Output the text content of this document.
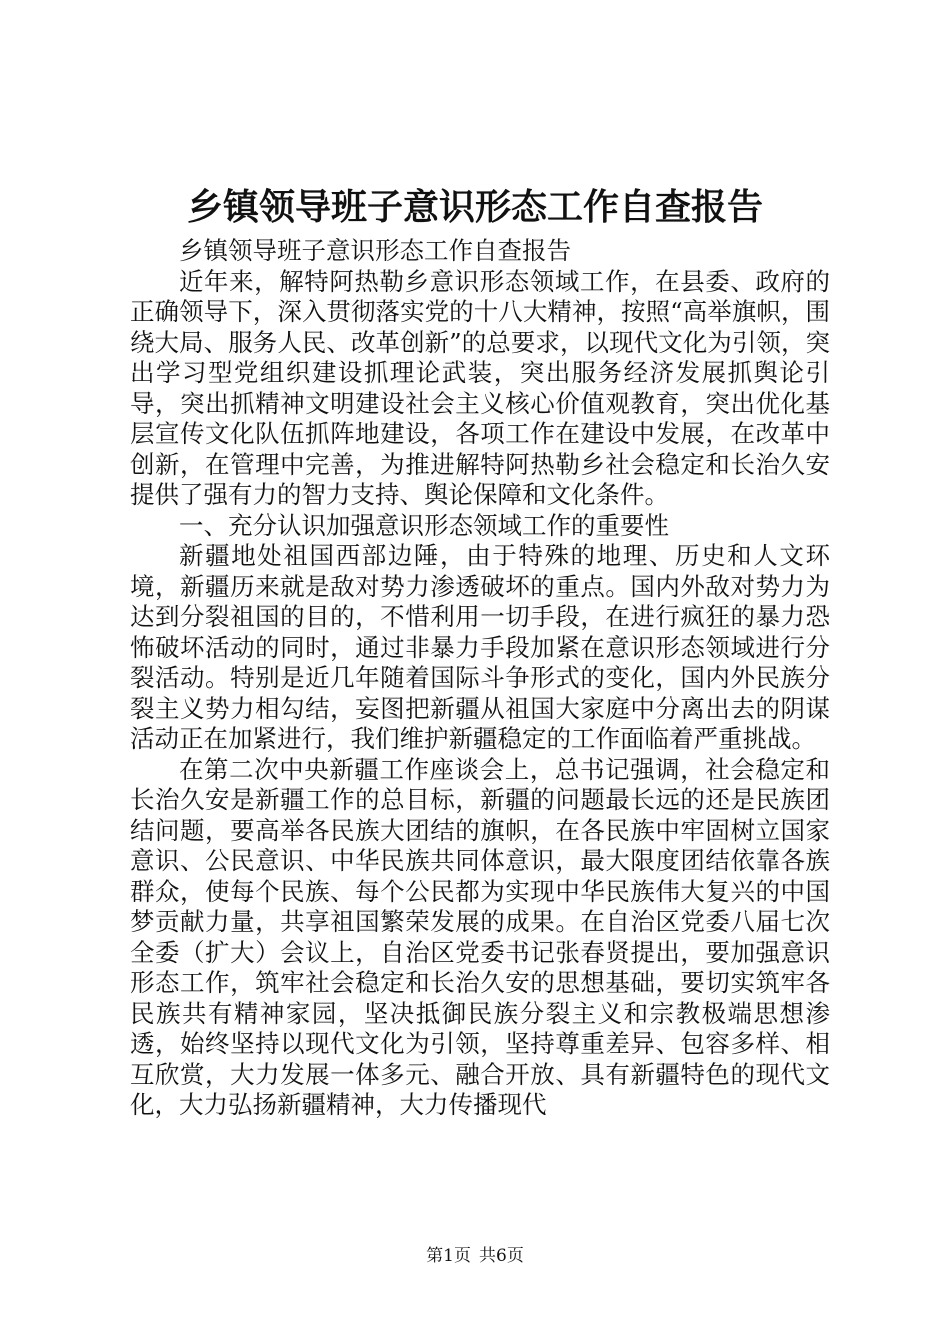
乡镇领导班子意识形态工作自查报告

乡镇领导班子意识形态工作自查报告

近年来，解特阿热勒乡意识形态领域工作，在县委、政府的正确领导下，深入贯彻落实党的十八大精神，按照“高举旗帜，围绕大局、服务人民、改革创新”的总要求，以现代文化为引领，突出学习型党组织建设抓理论武装，突出服务经济发展抓舆论引导，突出抓精神文明建设社会主义核心价值观教育，突出优化基层宣传文化队伍抓阵地建设，各项工作在建设中发展，在改革中创新，在管理中完善，为推进解特阿热勒乡社会稳定和长治久安提供了强有力的智力支持、舆论保障和文化条件。

一、充分认识加强意识形态领域工作的重要性

新疆地处祖国西部边陲，由于特殊的地理、历史和人文环境，新疆历来就是敌对势力渗透破坏的重点。国内外敌对势力为达到分裂祖国的目的，不惜利用一切手段，在进行疯狂的暴力恐怖破坏活动的同时，通过非暴力手段加紧在意识形态领域进行分裂活动。特别是近几年随着国际斗争形式的变化，国内外民族分裂主义势力相勾结，妄图把新疆从祖国大家庭中分离出去的阴谋活动正在加紧进行，我们维护新疆稳定的工作面临着严重挑战。

在第二次中央新疆工作座谈会上，总书记强调，社会稳定和长治久安是新疆工作的总目标，新疆的问题最长远的还是民族团结问题，要高举各民族大团结的旗帜，在各民族中牢固树立国家意识、公民意识、中华民族共同体意识，最大限度团结依靠各族群众，使每个民族、每个公民都为实现中华民族伟大复兴的中国梦贡献力量，共享祖国繁荣发展的成果。在自治区党委八届七次全委（扩大）会议上，自治区党委书记张春贤提出，要加强意识形态工作，筑牢社会稳定和长治久安的思想基础，要切实筑牢各民族共有精神家园，坚决抵御民族分裂主义和宗教极端思想渗透，始终坚持以现代文化为引领，坚持尊重差异、包容多样、相互欣赏，大力发展一体多元、融合开放、具有新疆特色的现代文化，大力弘扬新疆精神，大力传播现代

第1页 共6页
